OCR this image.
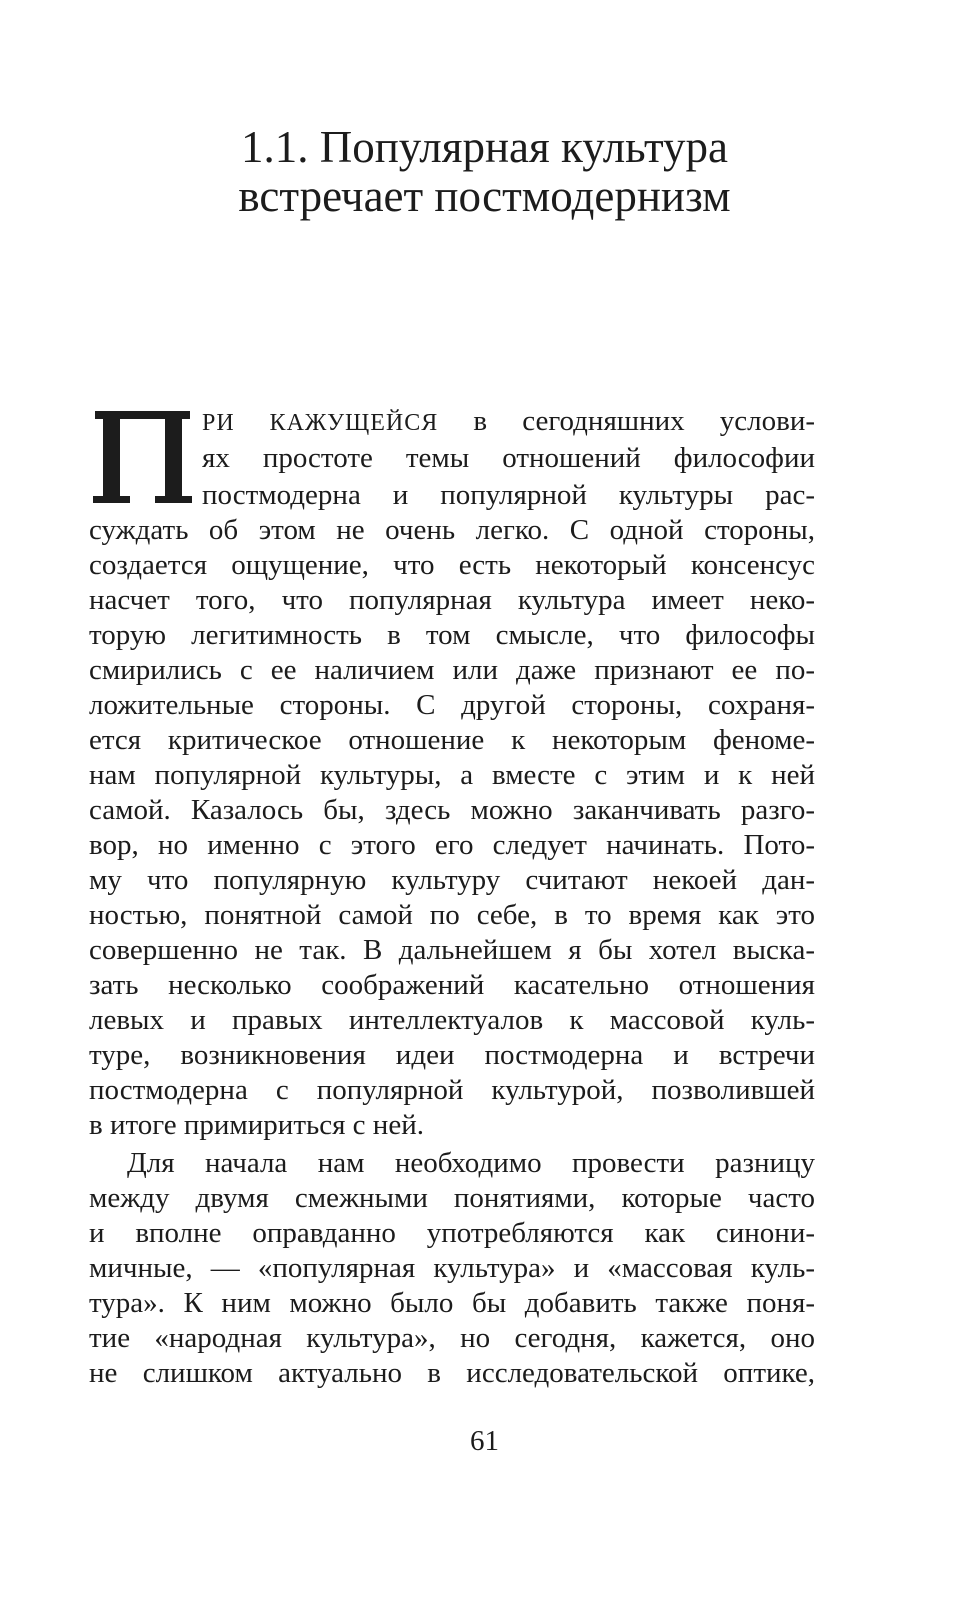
1.1. Популярная культура
встречает постмодернизм
РИ КАЖУЩЕЙСЯ в сегодняшних услови-
ях простоте темы отношений философии
постмодерна и популярной культуры рас-
суждать об этом не очень легко. С одной стороны,
создается ощущение, что есть некоторый консенсус
насчет того, что популярная культура имеет неко-
торую легитимность в том смысле, что философы
смирились с ее наличием или даже признают ее по-
ложительные стороны. С другой стороны, сохраня-
ется критическое отношение к некоторым феноме-
нам популярной культуры, а вместе с этим и к ней
самой. Казалось бы, здесь можно заканчивать разго-
вор, но именно с этого его следует начинать. Пото-
му что популярную культуру считают некоей дан-
ностью, понятной самой по себе, в то время как это
совершенно не так. В дальнейшем я бы хотел выска-
зать несколько соображений касательно отношения
левых и правых интеллектуалов к массовой куль-
туре, возникновения идеи постмодерна и встречи
постмодерна с популярной культурой, позволившей
в итоге примириться с ней.
Для начала нам необходимо провести разницу
между двумя смежными понятиями, которые часто
и вполне оправданно употребляются как синони-
мичные, — «популярная культура» и «массовая куль-
тура». К ним можно было бы добавить также поня-
тие «народная культура», но сегодня, кажется, оно
не слишком актуально в исследовательской оптике,
61
